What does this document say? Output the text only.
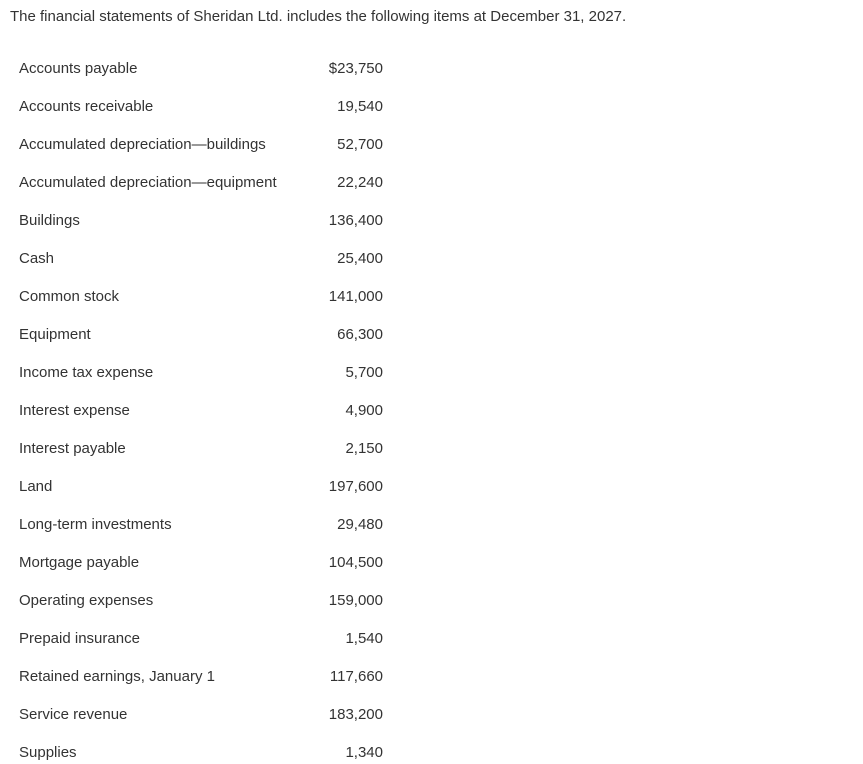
The financial statements of Sheridan Ltd. includes the following items at December 31, 2027.
Accounts payable	$23,750
Accounts receivable	19,540
Accumulated depreciation—buildings	52,700
Accumulated depreciation—equipment	22,240
Buildings	136,400
Cash	25,400
Common stock	141,000
Equipment	66,300
Income tax expense	5,700
Interest expense	4,900
Interest payable	2,150
Land	197,600
Long-term investments	29,480
Mortgage payable	104,500
Operating expenses	159,000
Prepaid insurance	1,540
Retained earnings, January 1	117,660
Service revenue	183,200
Supplies	1,340
